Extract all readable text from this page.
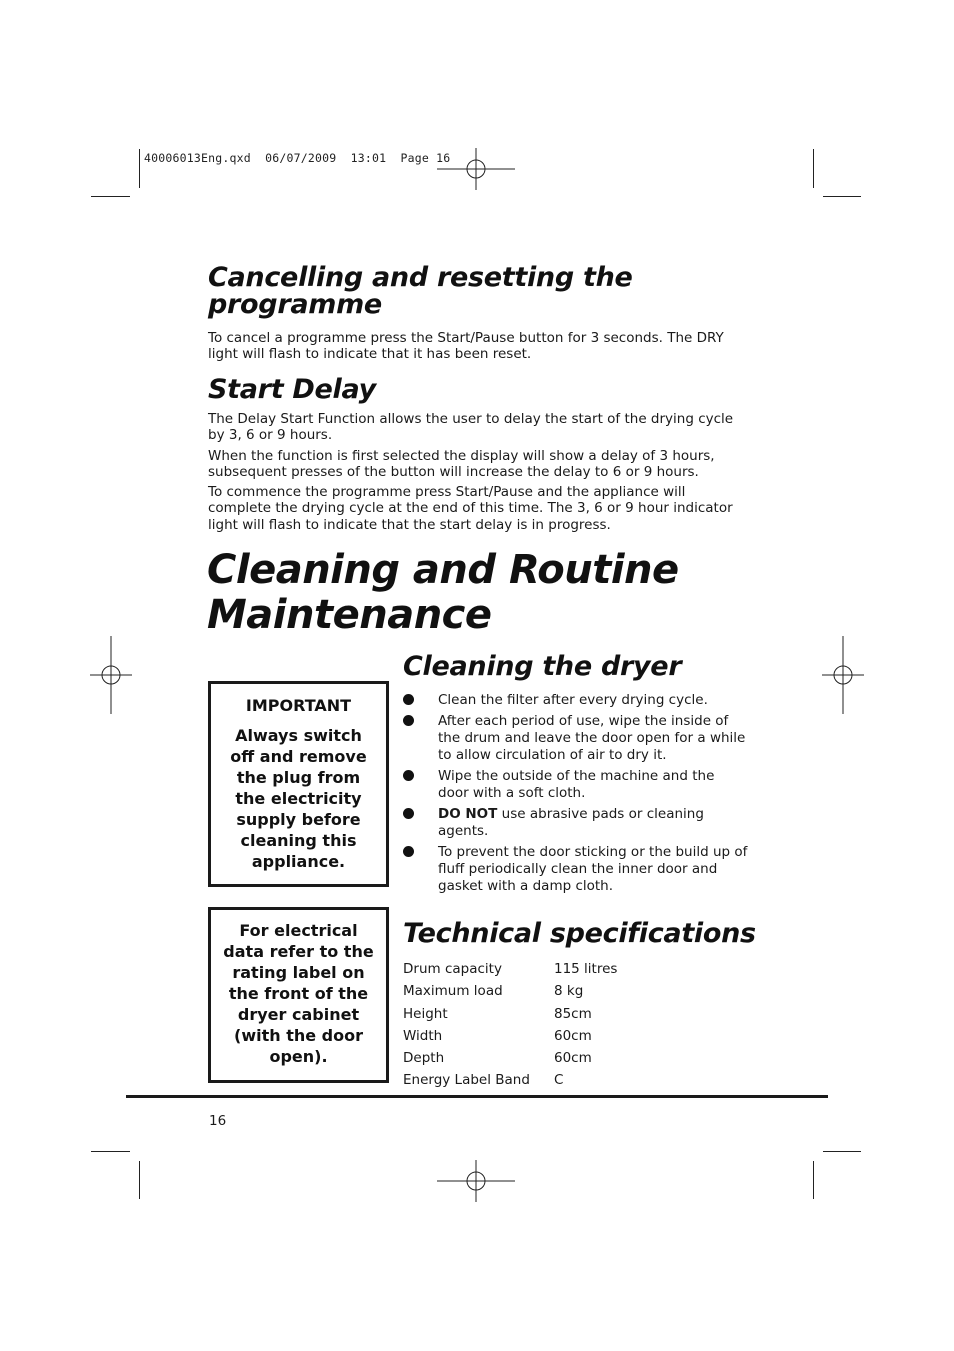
40006013Eng.qxd  06/07/2009  13:01  Page 16
Cancelling and resetting the
programme

To cancel a programme press the Start/Pause button for 3 seconds. The DRY light will flash to indicate that it has been reset.

Start Delay

The Delay Start Function allows the user to delay the start of the drying cycle by 3, 6 or 9 hours.

When the function is first selected the display will show a delay of 3 hours, subsequent presses of the button will increase the delay to 6 or 9 hours.

To commence the programme press Start/Pause and the appliance will complete the drying cycle at the end of this time. The 3, 6 or 9 hour indicator light will flash to indicate that the start delay is in progress.

Cleaning and Routine
Maintenance
IMPORTANT
Always switch off and remove the plug from the electricity supply before cleaning this appliance.
For electrical data refer to the rating label on the front of the dryer cabinet (with the door open).
Cleaning the dryer
Clean the filter after every drying cycle.
After each period of use, wipe the inside of the drum and leave the door open for a while to allow circulation of air to dry it.
Wipe the outside of the machine and the door with a soft cloth.
DO NOT use abrasive pads or cleaning agents.
To prevent the door sticking or the build up of fluff periodically clean the inner door and gasket with a damp cloth.
Technical specifications
Drum capacity	115 litres
Maximum load	8 kg
Height	85cm
Width	60cm
Depth	60cm
Energy Label Band	C
16
